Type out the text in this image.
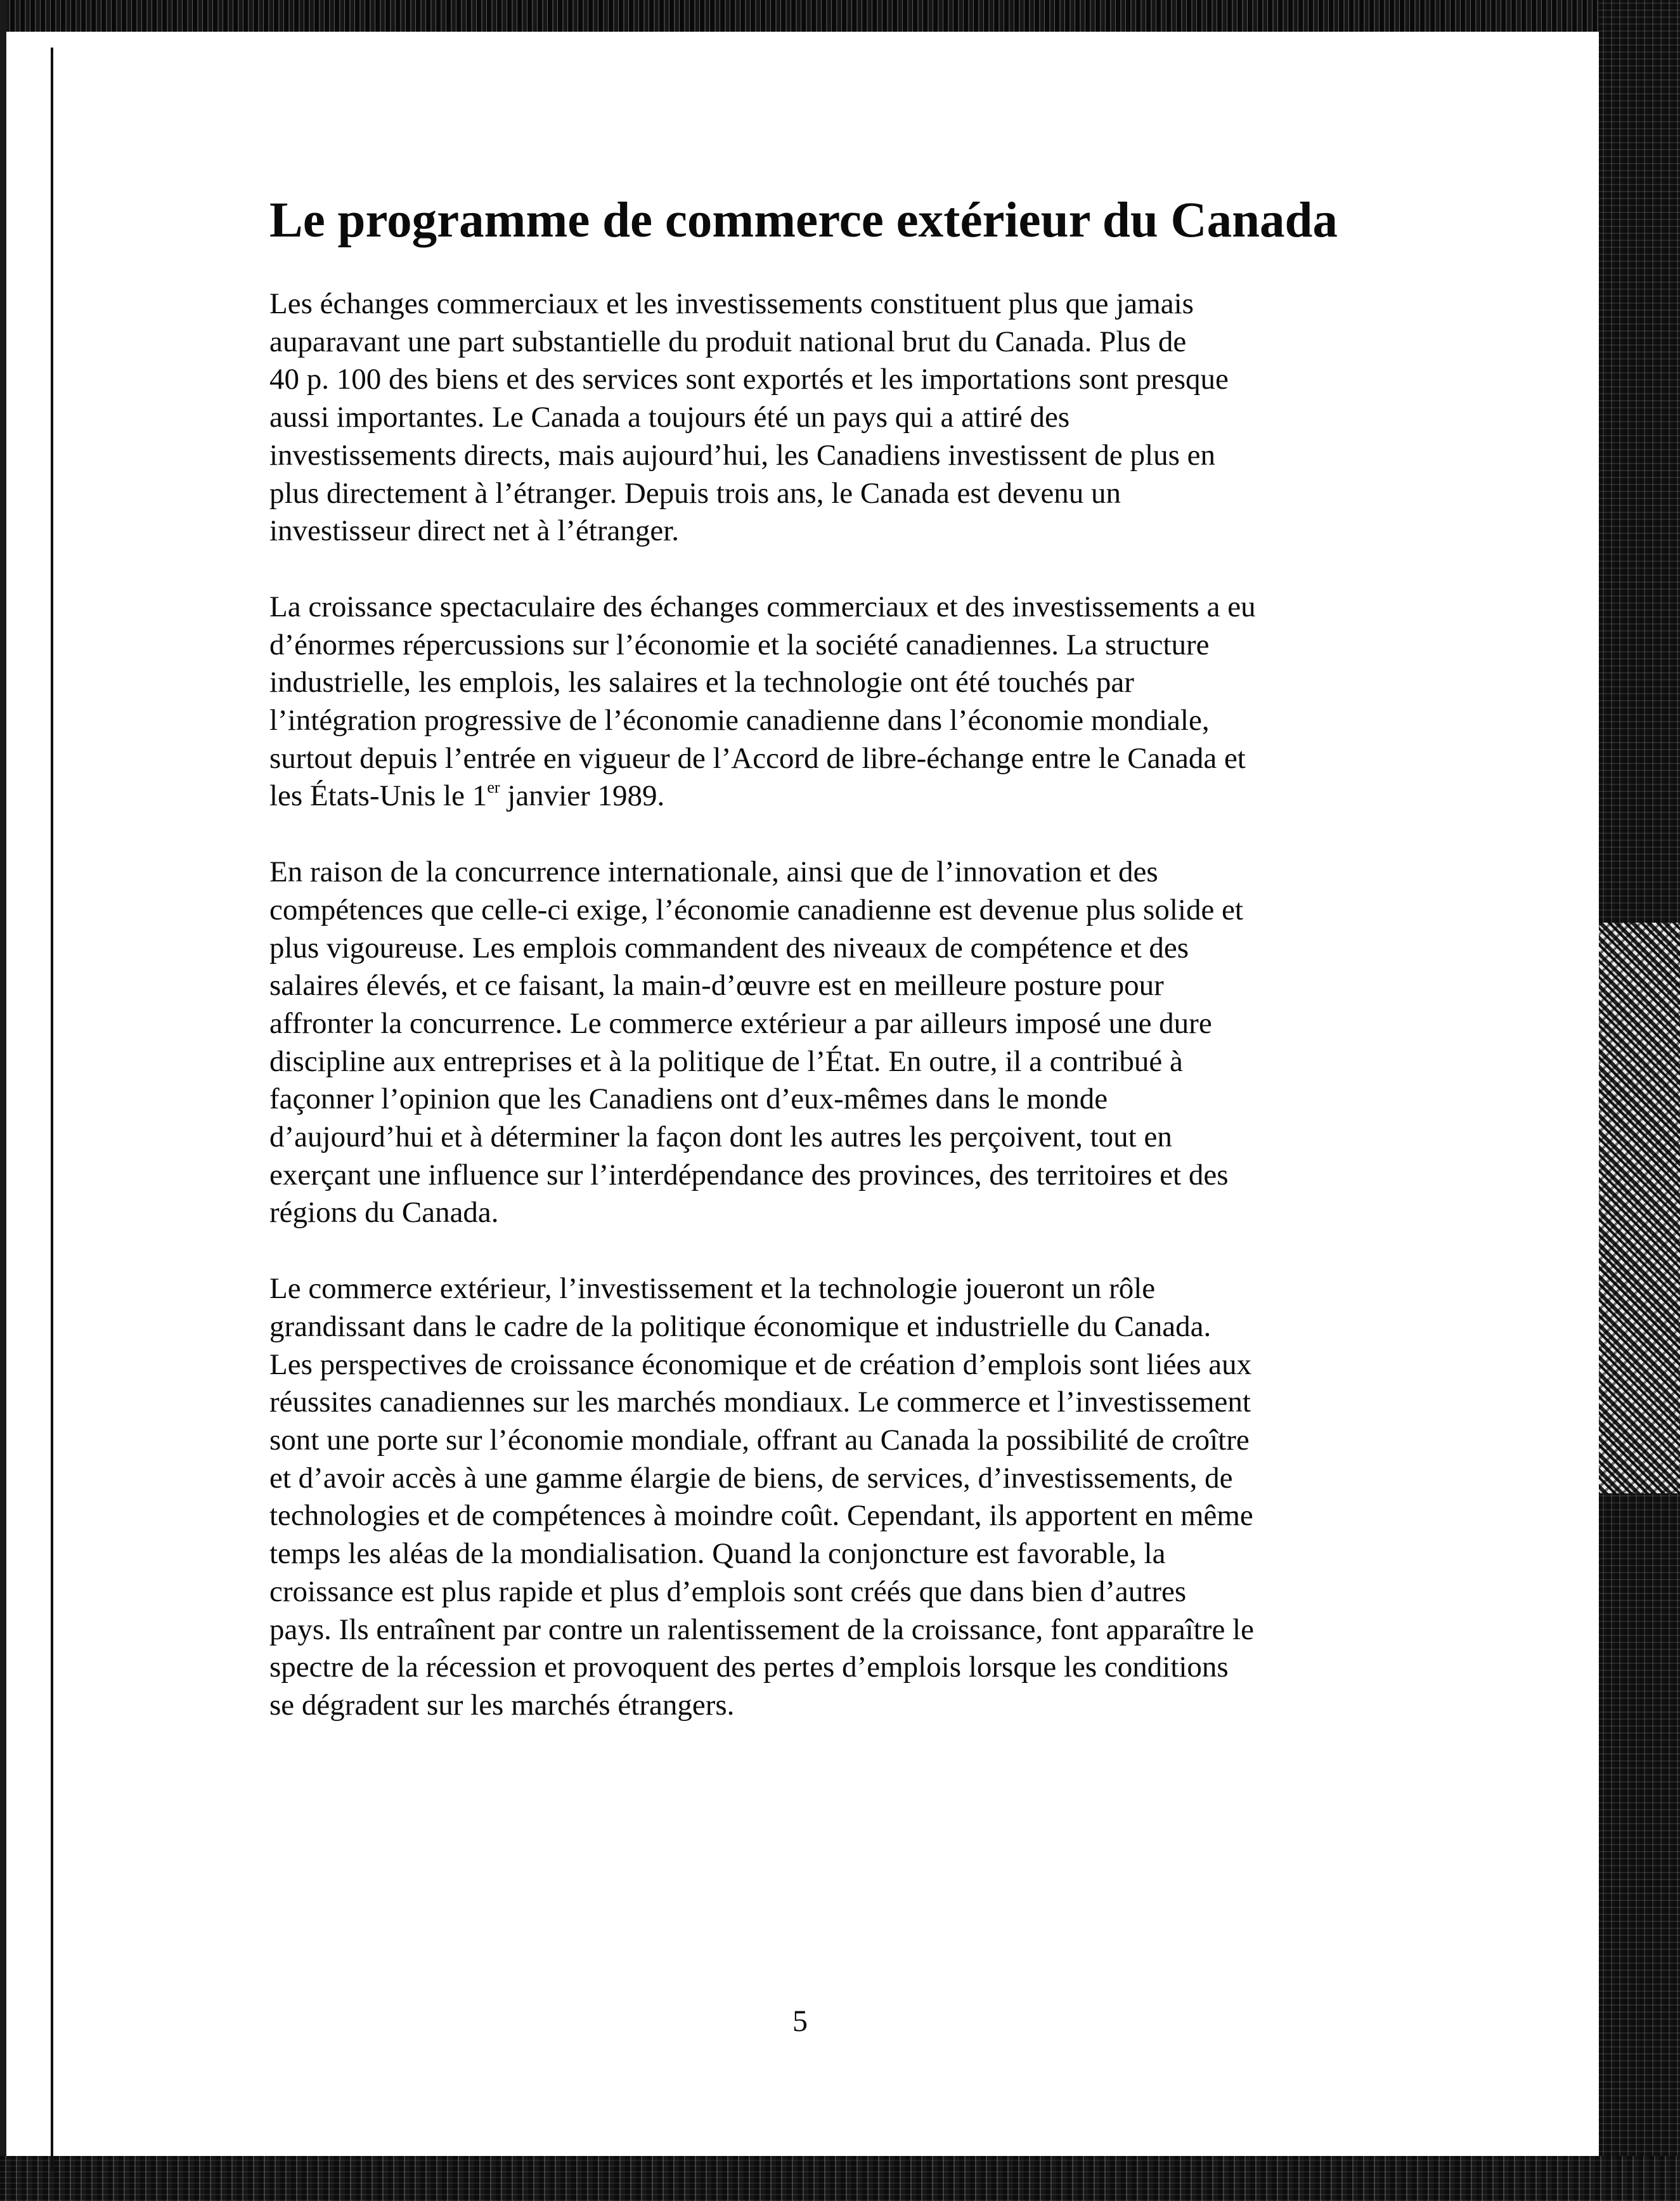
Le programme de commerce extérieur du Canada

Les échanges commerciaux et les investissements constituent plus que jamais
auparavant une part substantielle du produit national brut du Canada. Plus de
40 p. 100 des biens et des services sont exportés et les importations sont presque
aussi importantes. Le Canada a toujours été un pays qui a attiré des
investissements directs, mais aujourd’hui, les Canadiens investissent de plus en
plus directement à l’étranger. Depuis trois ans, le Canada est devenu un
investisseur direct net à l’étranger.

La croissance spectaculaire des échanges commerciaux et des investissements a eu
d’énormes répercussions sur l’économie et la société canadiennes. La structure
industrielle, les emplois, les salaires et la technologie ont été touchés par
l’intégration progressive de l’économie canadienne dans l’économie mondiale,
surtout depuis l’entrée en vigueur de l’Accord de libre-échange entre le Canada et
les États-Unis le 1er janvier 1989.

En raison de la concurrence internationale, ainsi que de l’innovation et des
compétences que celle-ci exige, l’économie canadienne est devenue plus solide et
plus vigoureuse. Les emplois commandent des niveaux de compétence et des
salaires élevés, et ce faisant, la main-d’œuvre est en meilleure posture pour
affronter la concurrence. Le commerce extérieur a par ailleurs imposé une dure
discipline aux entreprises et à la politique de l’État. En outre, il a contribué à
façonner l’opinion que les Canadiens ont d’eux-mêmes dans le monde
d’aujourd’hui et à déterminer la façon dont les autres les perçoivent, tout en
exerçant une influence sur l’interdépendance des provinces, des territoires et des
régions du Canada.

Le commerce extérieur, l’investissement et la technologie joueront un rôle
grandissant dans le cadre de la politique économique et industrielle du Canada.
Les perspectives de croissance économique et de création d’emplois sont liées aux
réussites canadiennes sur les marchés mondiaux. Le commerce et l’investissement
sont une porte sur l’économie mondiale, offrant au Canada la possibilité de croître
et d’avoir accès à une gamme élargie de biens, de services, d’investissements, de
technologies et de compétences à moindre coût. Cependant, ils apportent en même
temps les aléas de la mondialisation. Quand la conjoncture est favorable, la
croissance est plus rapide et plus d’emplois sont créés que dans bien d’autres
pays. Ils entraînent par contre un ralentissement de la croissance, font apparaître le
spectre de la récession et provoquent des pertes d’emplois lorsque les conditions
se dégradent sur les marchés étrangers.

5
